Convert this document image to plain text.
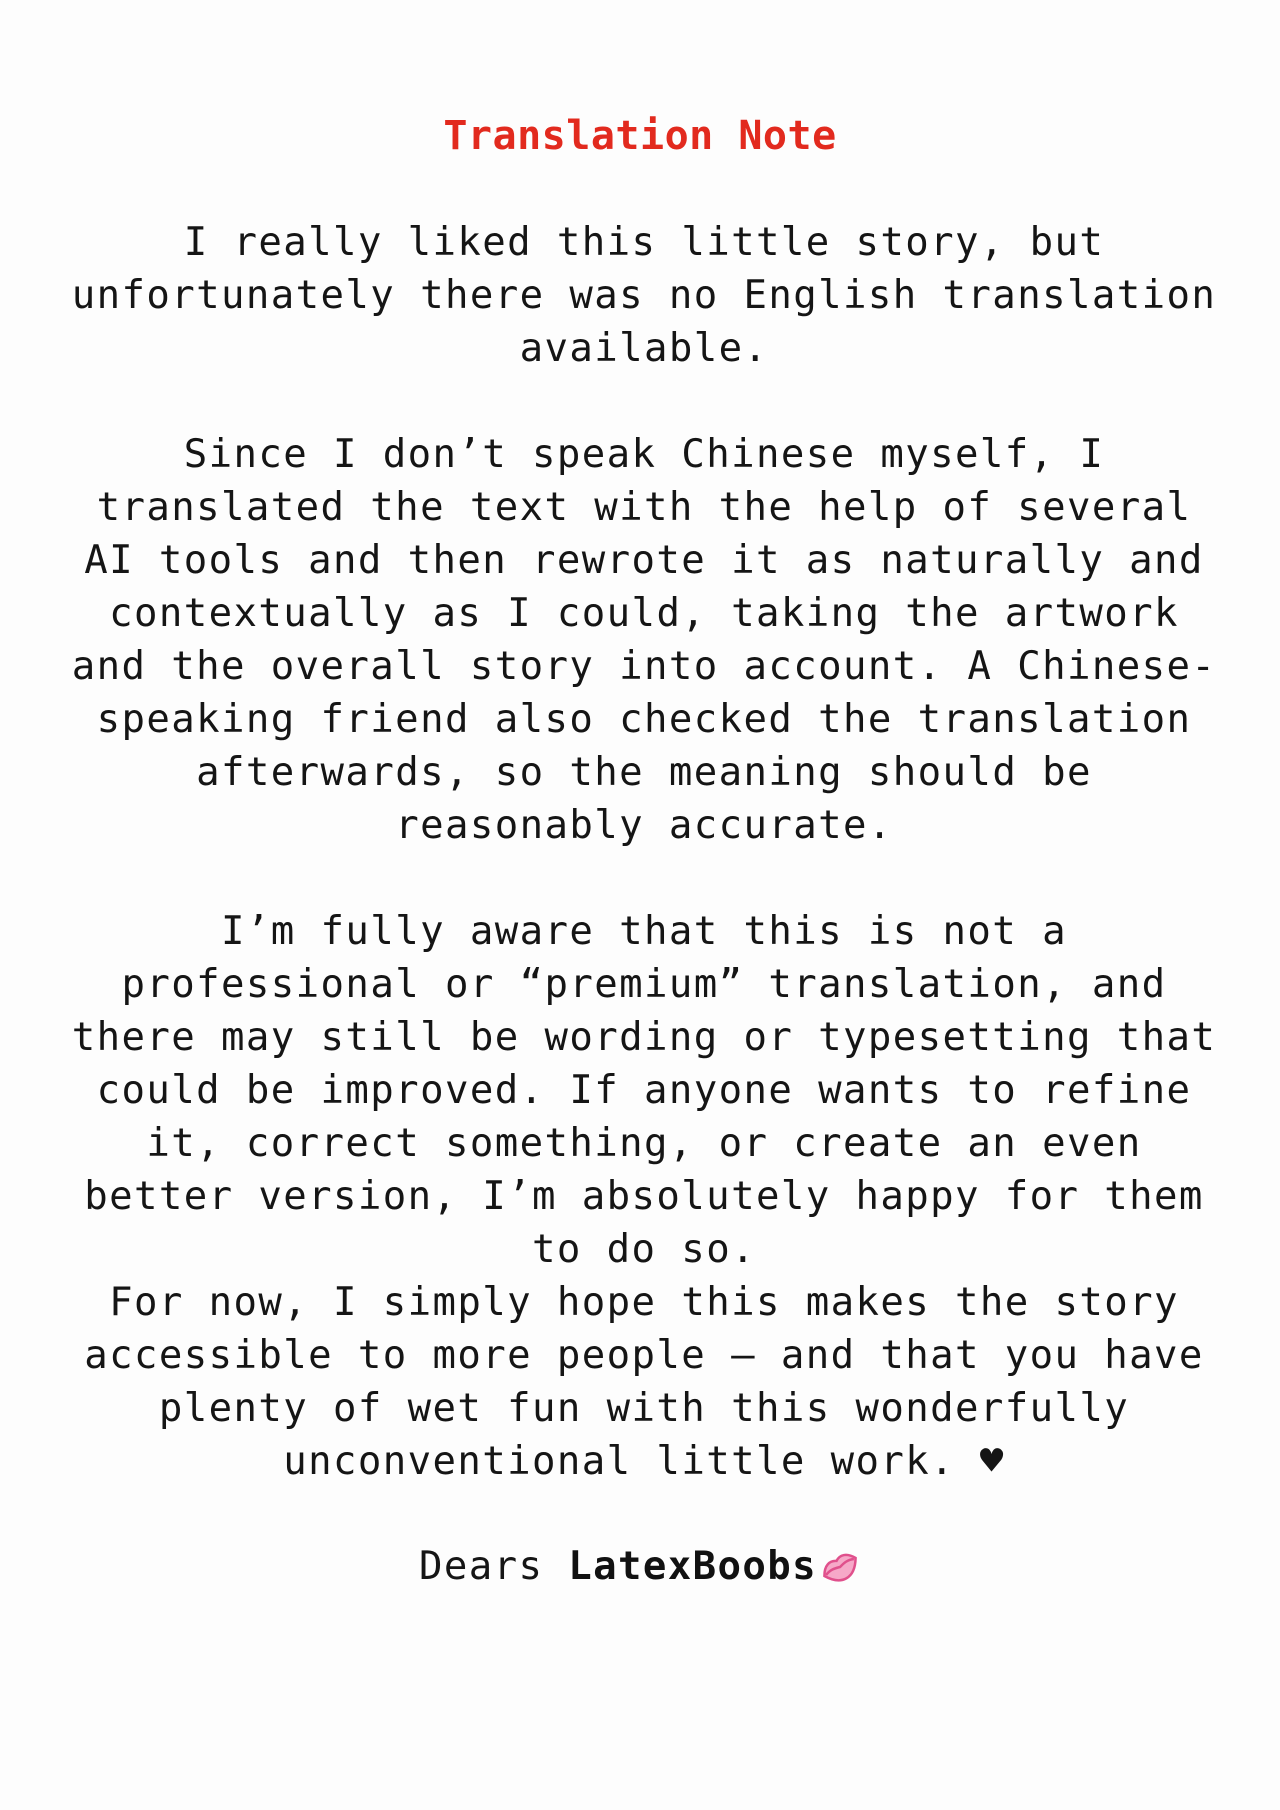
Translation Note

I really liked this little story, but unfortunately there was no English translation available.

Since I don’t speak Chinese myself, I translated the text with the help of several AI tools and then rewrote it as naturally and contextually as I could, taking the artwork and the overall story into account. A Chinese-speaking friend also checked the translation afterwards, so the meaning should be reasonably accurate.

I’m fully aware that this is not a professional or “premium” translation, and there may still be wording or typesetting that could be improved. If anyone wants to refine it, correct something, or create an even better version, I’m absolutely happy for them to do so.

For now, I simply hope this makes the story accessible to more people — and that you have plenty of wet fun with this wonderfully unconventional little work. ♥

Dears LatexBoobs
